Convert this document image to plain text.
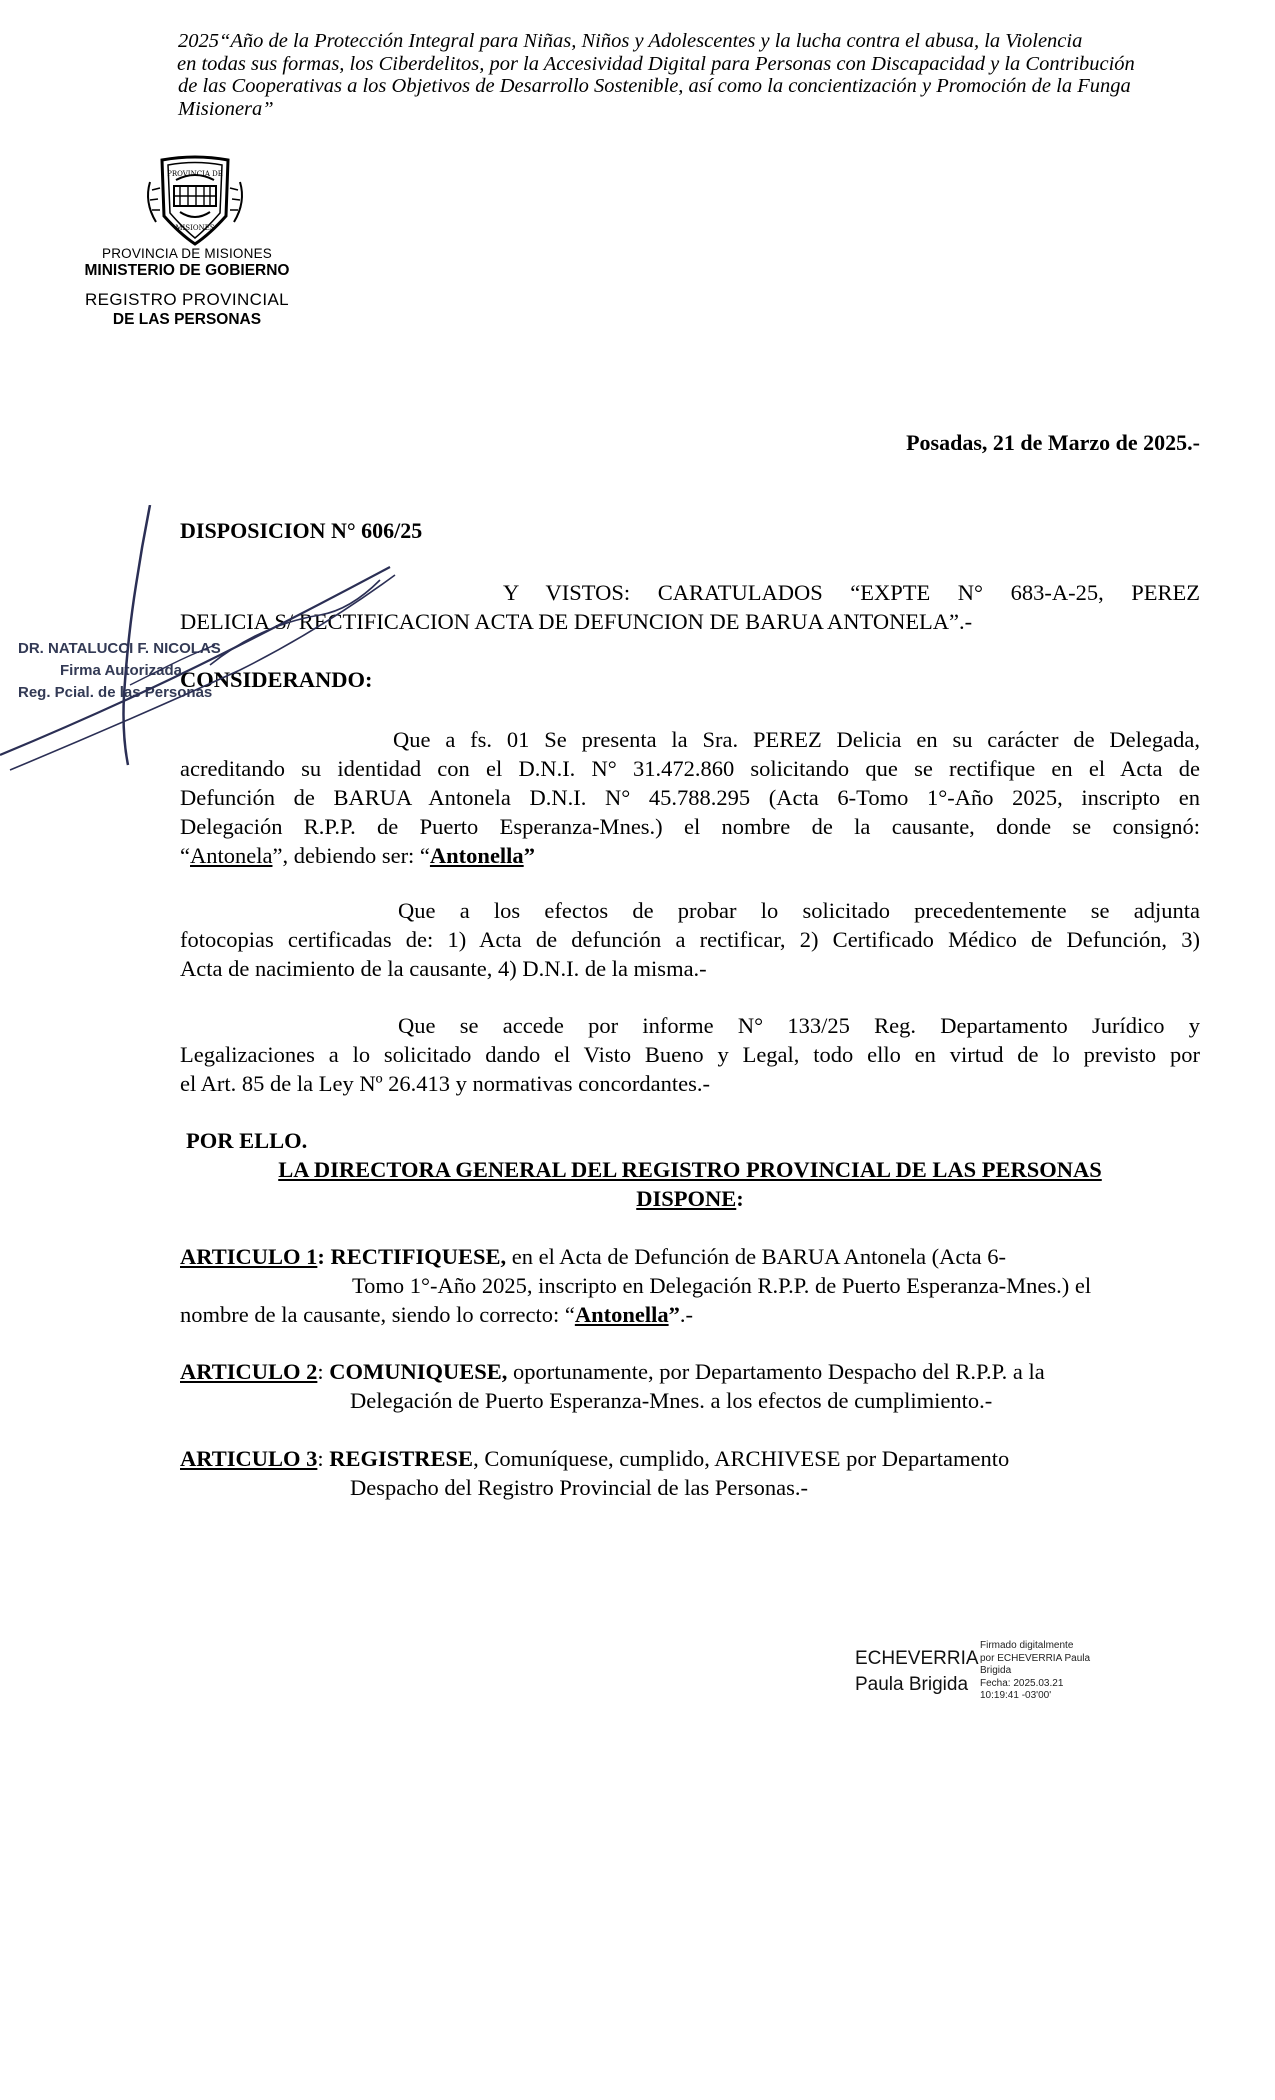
2025“Año de la Protección Integral para Niñas, Niños y Adolescentes y la lucha contra el abusa, la Violencia
en todas sus formas, los Ciberdelitos, por la Accesividad Digital para Personas con Discapacidad y la Contribución
de las Cooperativas a los Objetivos de Desarrollo Sostenible, así como la concientización y Promoción de la Funga
Misionera”
PROVINCIA DE
MISIONES
PROVINCIA DE MISIONES
MINISTERIO DE GOBIERNO
REGISTRO PROVINCIAL
DE LAS PERSONAS
Posadas, 21 de Marzo de 2025.-
DISPOSICION N° 606/25
Y VISTOS: CARATULADOS “EXPTE N° 683-A-25, PEREZ
DELICIA S/ RECTIFICACION ACTA DE DEFUNCION DE BARUA ANTONELA”.-
CONSIDERANDO:
Que a fs. 01 Se presenta la Sra. PEREZ Delicia en su carácter de Delegada,
acreditando su identidad con el D.N.I. N° 31.472.860 solicitando que se rectifique en el Acta de
Defunción de BARUA Antonela D.N.I. N° 45.788.295 (Acta 6-Tomo 1°-Año 2025, inscripto en
Delegación R.P.P. de Puerto Esperanza-Mnes.) el nombre de la causante, donde se consignó:
“Antonela”, debiendo ser: “Antonella”
Que a los efectos de probar lo solicitado precedentemente se adjunta
fotocopias certificadas de: 1) Acta de defunción a rectificar, 2) Certificado Médico de Defunción, 3)
Acta de nacimiento de la causante, 4) D.N.I. de la misma.-
Que se accede por informe N° 133/25 Reg. Departamento Jurídico y
Legalizaciones a lo solicitado dando el Visto Bueno y Legal, todo ello en virtud de lo previsto por
el Art. 85 de la Ley Nº 26.413 y normativas concordantes.-
POR ELLO.
LA DIRECTORA GENERAL DEL REGISTRO PROVINCIAL DE LAS PERSONAS
DISPONE:
ARTICULO 1: RECTIFIQUESE, en el Acta de Defunción de BARUA Antonela (Acta 6-
Tomo 1°-Año 2025, inscripto en Delegación R.P.P. de Puerto Esperanza-Mnes.) el
nombre de la causante, siendo lo correcto: “Antonella”.-
ARTICULO 2: COMUNIQUESE, oportunamente, por Departamento Despacho del R.P.P. a la
Delegación de Puerto Esperanza-Mnes. a los efectos de cumplimiento.-
ARTICULO 3: REGISTRESE, Comuníquese, cumplido, ARCHIVESE por Departamento
Despacho del Registro Provincial de las Personas.-
DR. NATALUCCI F. NICOLAS
Firma Autorizada
Reg. Pcial. de las Personas
ECHEVERRIA
Paula Brigida
Firmado digitalmente
por ECHEVERRIA Paula
Brigida
Fecha: 2025.03.21
10:19:41 -03'00'
